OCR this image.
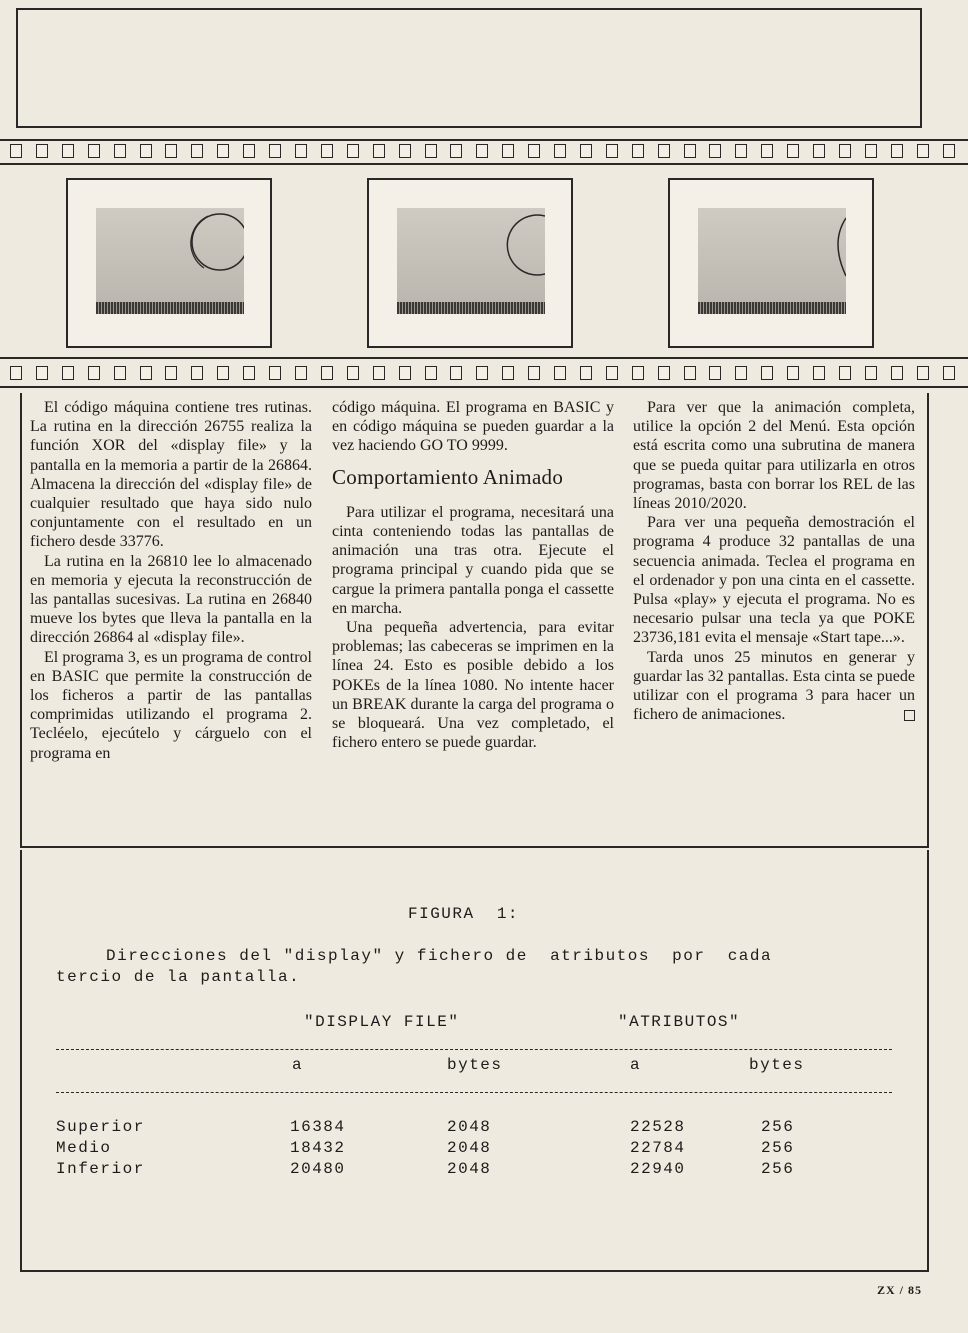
El código máquina contiene tres rutinas. La rutina en la dirección 26755 realiza la función XOR del «display file» y la pantalla en la memoria a partir de la 26864. Almacena la dirección del «display file» de cualquier resultado que haya sido nulo conjuntamente con el resultado en un fichero desde 33776.

La rutina en la 26810 lee lo almacenado en memoria y ejecuta la reconstrucción de las pantallas sucesivas. La rutina en 26840 mueve los bytes que lleva la pantalla en la dirección 26864 al «display file».

El programa 3, es un programa de control en BASIC que permite la construcción de los ficheros a partir de las pantallas comprimidas utilizando el programa 2. Tecléelo, ejecútelo y cárguelo con el programa en

código máquina. El programa en BASIC y en código máquina se pueden guardar a la vez haciendo GO TO 9999.

Comportamiento Animado

Para utilizar el programa, necesitará una cinta conteniendo todas las pantallas de animación una tras otra. Ejecute el programa principal y cuando pida que se cargue la primera pantalla ponga el cassette en marcha.

Una pequeña advertencia, para evitar problemas; las cabeceras se imprimen en la línea 24. Esto es posible debido a los POKEs de la línea 1080. No intente hacer un BREAK durante la carga del programa o se bloqueará. Una vez completado, el fichero entero se puede guardar.

Para ver que la animación completa, utilice la opción 2 del Menú. Esta opción está escrita como una subrutina de manera que se pueda quitar para utilizarla en otros programas, basta con borrar los REL de las líneas 2010/2020.

Para ver una pequeña demostración el programa 4 produce 32 pantallas de una secuencia animada. Teclea el programa en el ordenador y pon una cinta en el cassette. Pulsa «play» y ejecuta el programa. No es necesario pulsar una tecla ya que POKE 23736,181 evita el mensaje «Start tape...».

Tarda unos 25 minutos en generar y guardar las 32 pantallas. Esta cinta se puede utilizar con el programa 3 para hacer un fichero de animaciones.

FIGURA  1:
Direcciones del "display" y fichero de  atributos  por  cada
tercio de la pantalla.
"DISPLAY FILE"	"ATRIBUTOS"
a	bytes	a	bytes
Superior	16384	2048	22528	256
Medio	18432	2048	22784	256
Inferior	20480	2048	22940	256
ZX / 85
